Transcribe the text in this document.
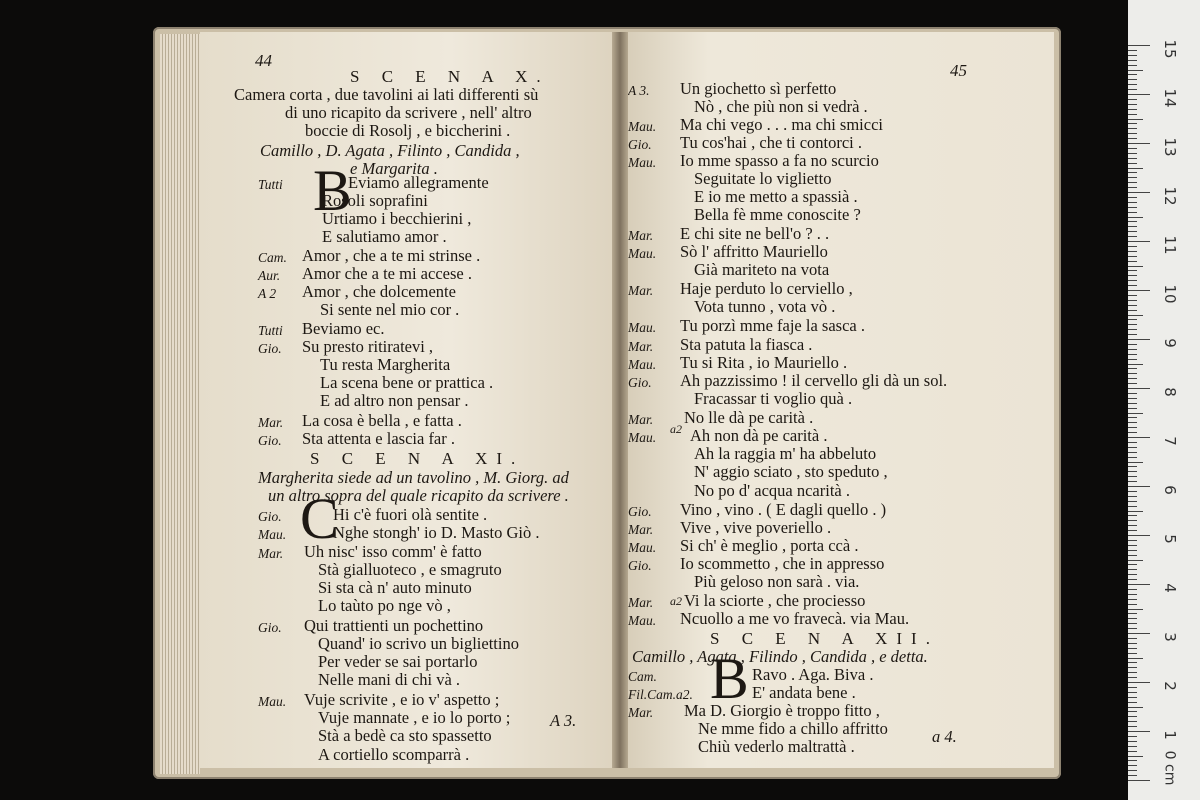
44
S C E N A X.
Camera corta , due tavolini ai lati differenti sù
di uno ricapito da scrivere , nell' altro
boccie di Rosolj , e biccherini .
Camillo , D. Agata , Filinto , Candida ,
e Margarita .
B
Tutti	Eviamo allegramente
Rosoli soprafini
Urtiamo i becchierini ,
E salutiamo amor .
Cam. Amor , che a te mi strinse .
Aur. Amor che a te mi accese .
A 2 Amor , che dolcemente
Si sente nel mio cor .
Tutti Beviamo ec.
Gio. Su presto ritiratevi ,
Tu resta Margherita
La scena bene or prattica .
E ad altro non pensar .
Mar. La cosa è bella , e fatta .
Gio. Sta attenta e lascia far .
S C E N A XI.
Margherita siede ad un tavolino , M. Giorg. ad
un altro sopra del quale ricapito da scrivere .
C
Gio.	Hi c'è fuori olà sentite .
Mau.	Nghe stongh' io D. Masto Giò .
Mar. Uh nisc' isso comm' è fatto
Stà gialluoteco , e smagruto
Si sta cà n' auto minuto
Lo taùto po nge vò ,
Gio. Qui trattienti un pochettino
Quand' io scrivo un bigliettino
Per veder se sai portarlo
Nelle mani di chi và .
Mau. Vuje scrivite , e io v' aspetto ;
Vuje mannate , e io lo porto ;
Stà a bedè ca sto spassetto
A cortiello scomparrà .
A 3.
45
A 3. Un giochetto sì perfetto
Nò , che più non si vedrà .
Mau. Ma chi vego . . . ma chi smicci
Gio. Tu cos'hai , che ti contorci .
Mau. Io mme spasso a fa no scurcio
Seguitate lo viglietto
E io me metto a spassià .
Bella fè mme conoscite ?
Mar. E chi site ne bell'o ? . .
Mau. Sò l' affritto Mauriello
Già mariteto na vota
Mar. Haje perduto lo cerviello ,
Vota tunno , vota vò .
Mau. Tu porzì mme faje la sasca .
Mar. Sta patuta la fiasca .
Mau. Tu si Rita , io Mauriello .
Gio. Ah pazzissimo ! il cervello gli dà un sol.
Fracassar ti voglio quà .
Mar. No lle dà pe carità .
Mau. Ah non dà pe carità .
Ah la raggia m' ha abbeluto
N' aggio sciato , sto speduto ,
No po d' acqua ncarità .
Gio. Vino , vino . ( E dagli quello . )
Mar. Vive , vive poveriello .
Mau. Si ch' è meglio , porta ccà .
Gio. Io scommetto , che in appresso
Più geloso non sarà . via.
Mar. Vi la sciorte , che prociesso
Mau. Ncuollo a me vo fravecà. via Mau.
a2
a2
S C E N A XII.
Camillo , Agata , Filindo , Candida , e detta.
B
Cam.	Ravo . Aga. Biva .
Fil.Cam.a2.	E' andata bene .
Mar. Ma D. Giorgio è troppo fitto ,
Ne mme fido a chillo affritto
Chiù vederlo maltrattà .
a 4.
15
14
13
12
11
10
9
8
7
6
5
4
3
2
1
0 cm
